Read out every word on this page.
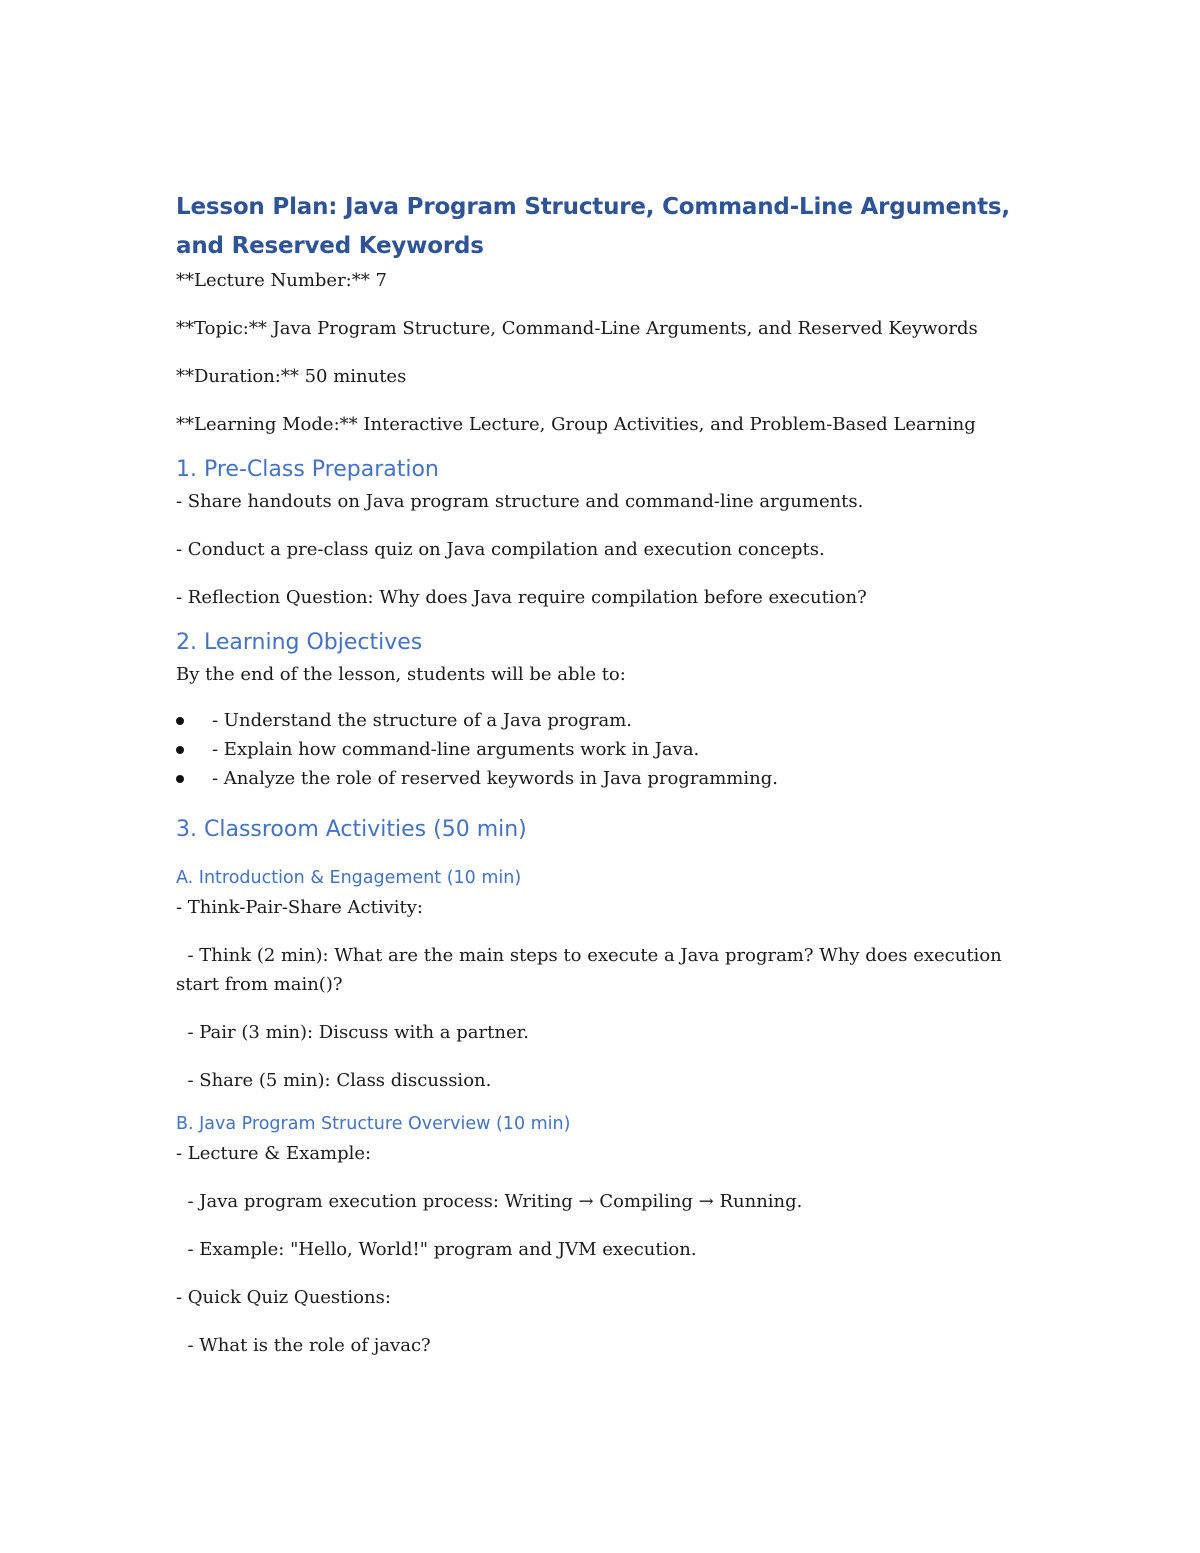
Lesson Plan: Java Program Structure, Command-Line Arguments, and Reserved Keywords

**Lecture Number:** 7

**Topic:** Java Program Structure, Command-Line Arguments, and Reserved Keywords

**Duration:** 50 minutes

**Learning Mode:** Interactive Lecture, Group Activities, and Problem-Based Learning

1. Pre-Class Preparation

- Share handouts on Java program structure and command-line arguments.

- Conduct a pre-class quiz on Java compilation and execution concepts.

- Reflection Question: Why does Java require compilation before execution?

2. Learning Objectives

By the end of the lesson, students will be able to:

- Understand the structure of a Java program.
- Explain how command-line arguments work in Java.
- Analyze the role of reserved keywords in Java programming.
3. Classroom Activities (50 min)
A. Introduction & Engagement (10 min)

- Think-Pair-Share Activity:

- Think (2 min): What are the main steps to execute a Java program? Why does execution start from main()?

- Pair (3 min): Discuss with a partner.

- Share (5 min): Class discussion.

B. Java Program Structure Overview (10 min)

- Lecture & Example:

- Java program execution process: Writing → Compiling → Running.

- Example: "Hello, World!" program and JVM execution.

- Quick Quiz Questions:

- What is the role of javac?
